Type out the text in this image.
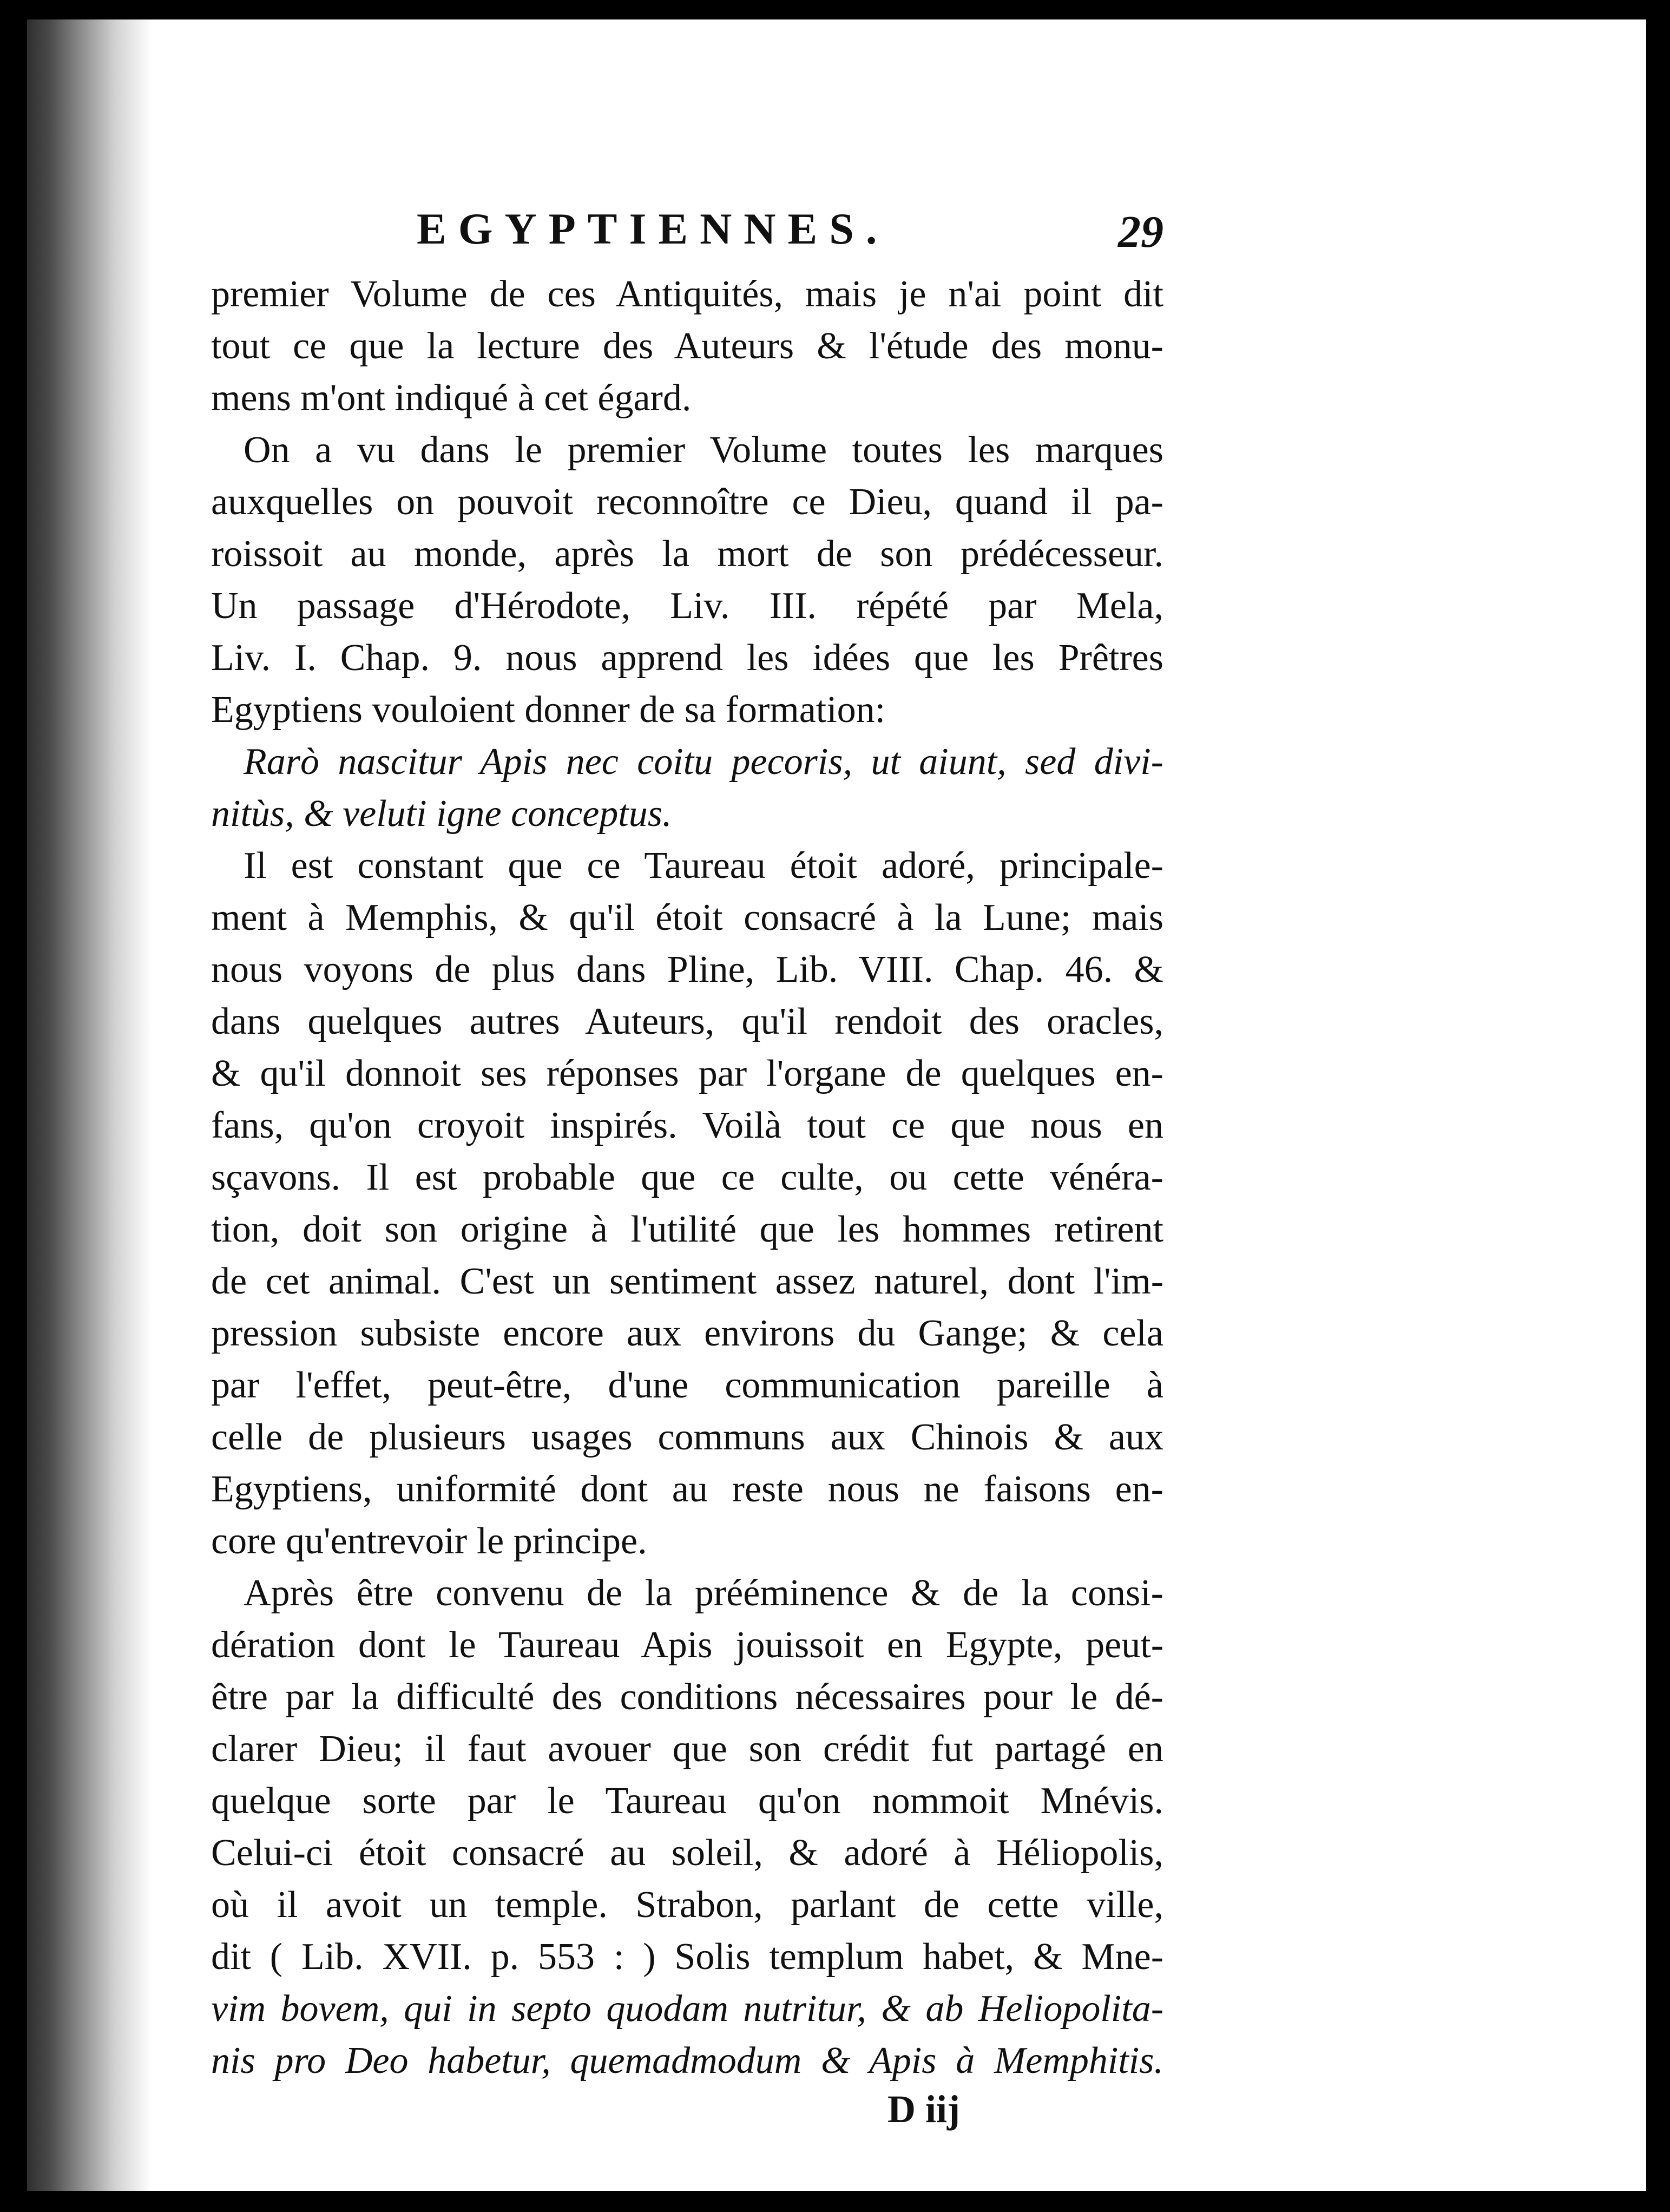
EGYPTIENNES.	29
premier Volume de ces Antiquités, mais je n'ai point dit
tout ce que la lecture des Auteurs & l'étude des monu-
mens m'ont indiqué à cet égard.
On a vu dans le premier Volume toutes les marques
auxquelles on pouvoit reconnoître ce Dieu, quand il pa-
roissoit au monde, après la mort de son prédécesseur.
Un passage d'Hérodote, Liv. III. répété par Mela,
Liv. I. Chap. 9. nous apprend les idées que les Prêtres
Egyptiens vouloient donner de sa formation:
Rarò nascitur Apis nec coitu pecoris, ut aiunt, sed divi-
nitùs, & veluti igne conceptus.
Il est constant que ce Taureau étoit adoré, principale-
ment à Memphis, & qu'il étoit consacré à la Lune; mais
nous voyons de plus dans Pline, Lib. VIII. Chap. 46. &
dans quelques autres Auteurs, qu'il rendoit des oracles,
& qu'il donnoit ses réponses par l'organe de quelques en-
fans, qu'on croyoit inspirés. Voilà tout ce que nous en
sçavons. Il est probable que ce culte, ou cette vénéra-
tion, doit son origine à l'utilité que les hommes retirent
de cet animal. C'est un sentiment assez naturel, dont l'im-
pression subsiste encore aux environs du Gange; & cela
par l'effet, peut-être, d'une communication pareille à
celle de plusieurs usages communs aux Chinois & aux
Egyptiens, uniformité dont au reste nous ne faisons en-
core qu'entrevoir le principe.
Après être convenu de la prééminence & de la consi-
dération dont le Taureau Apis jouissoit en Egypte, peut-
être par la difficulté des conditions nécessaires pour le dé-
clarer Dieu; il faut avouer que son crédit fut partagé en
quelque sorte par le Taureau qu'on nommoit Mnévis.
Celui-ci étoit consacré au soleil, & adoré à Héliopolis,
où il avoit un temple. Strabon, parlant de cette ville,
dit ( Lib. XVII. p. 553 : ) Solis templum habet, & Mne-
vim bovem, qui in septo quodam nutritur, & ab Heliopolita-
nis pro Deo habetur, quemadmodum & Apis à Memphitis.
D iij
